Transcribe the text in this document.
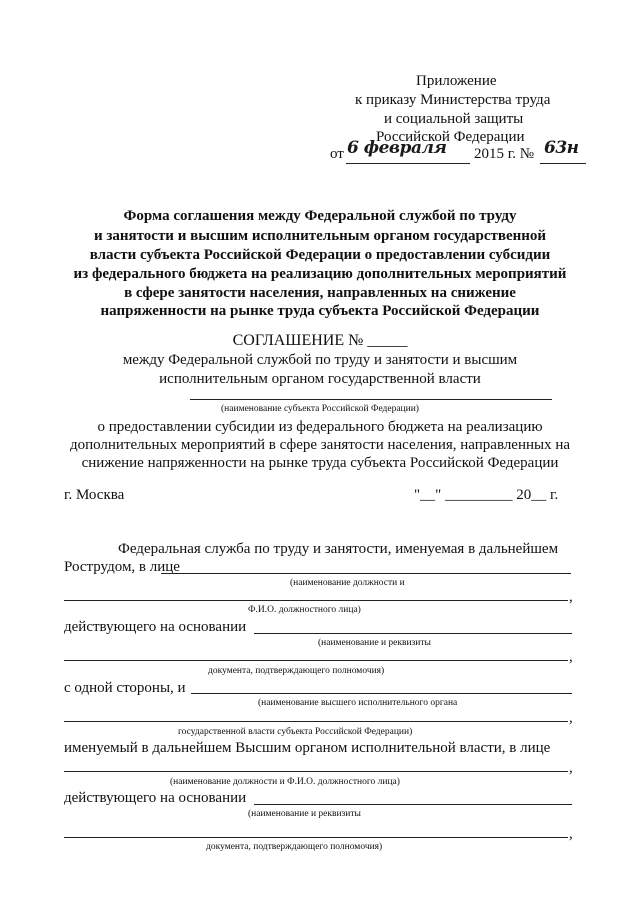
Приложение
к приказу Министерства труда
и социальной защиты
Российской Федерации
от 6 февраля 2015 г. № 63н
Форма соглашения между Федеральной службой по труду
и занятости и высшим исполнительным органом государственной
власти субъекта Российской Федерации о предоставлении субсидии
из федерального бюджета на реализацию дополнительных мероприятий
в сфере занятости населения, направленных на снижение
напряженности на рынке труда субъекта Российской Федерации
СОГЛАШЕНИЕ № _____
между Федеральной службой по труду и занятости и высшим
исполнительным органом государственной власти
(наименование субъекта Российской Федерации)
о предоставлении субсидии из федерального бюджета на реализацию
дополнительных мероприятий в сфере занятости населения, направленных на
снижение напряженности на рынке труда субъекта Российской Федерации
г. Москва	"__" _________ 20__ г.
Федеральная служба по труду и занятости, именуемая в дальнейшем
Рострудом, в лице
(наименование должности и
,
Ф.И.О. должностного лица)
действующего на основании
(наименование и реквизиты
,
документа, подтверждающего полномочия)
с одной стороны, и
(наименование высшего исполнительного органа
,
государственной власти субъекта Российской Федерации)
именуемый в дальнейшем Высшим органом исполнительной власти, в лице
,
(наименование должности и Ф.И.О. должностного лица)
действующего на основании
(наименование и реквизиты
,
документа, подтверждающего полномочия)
